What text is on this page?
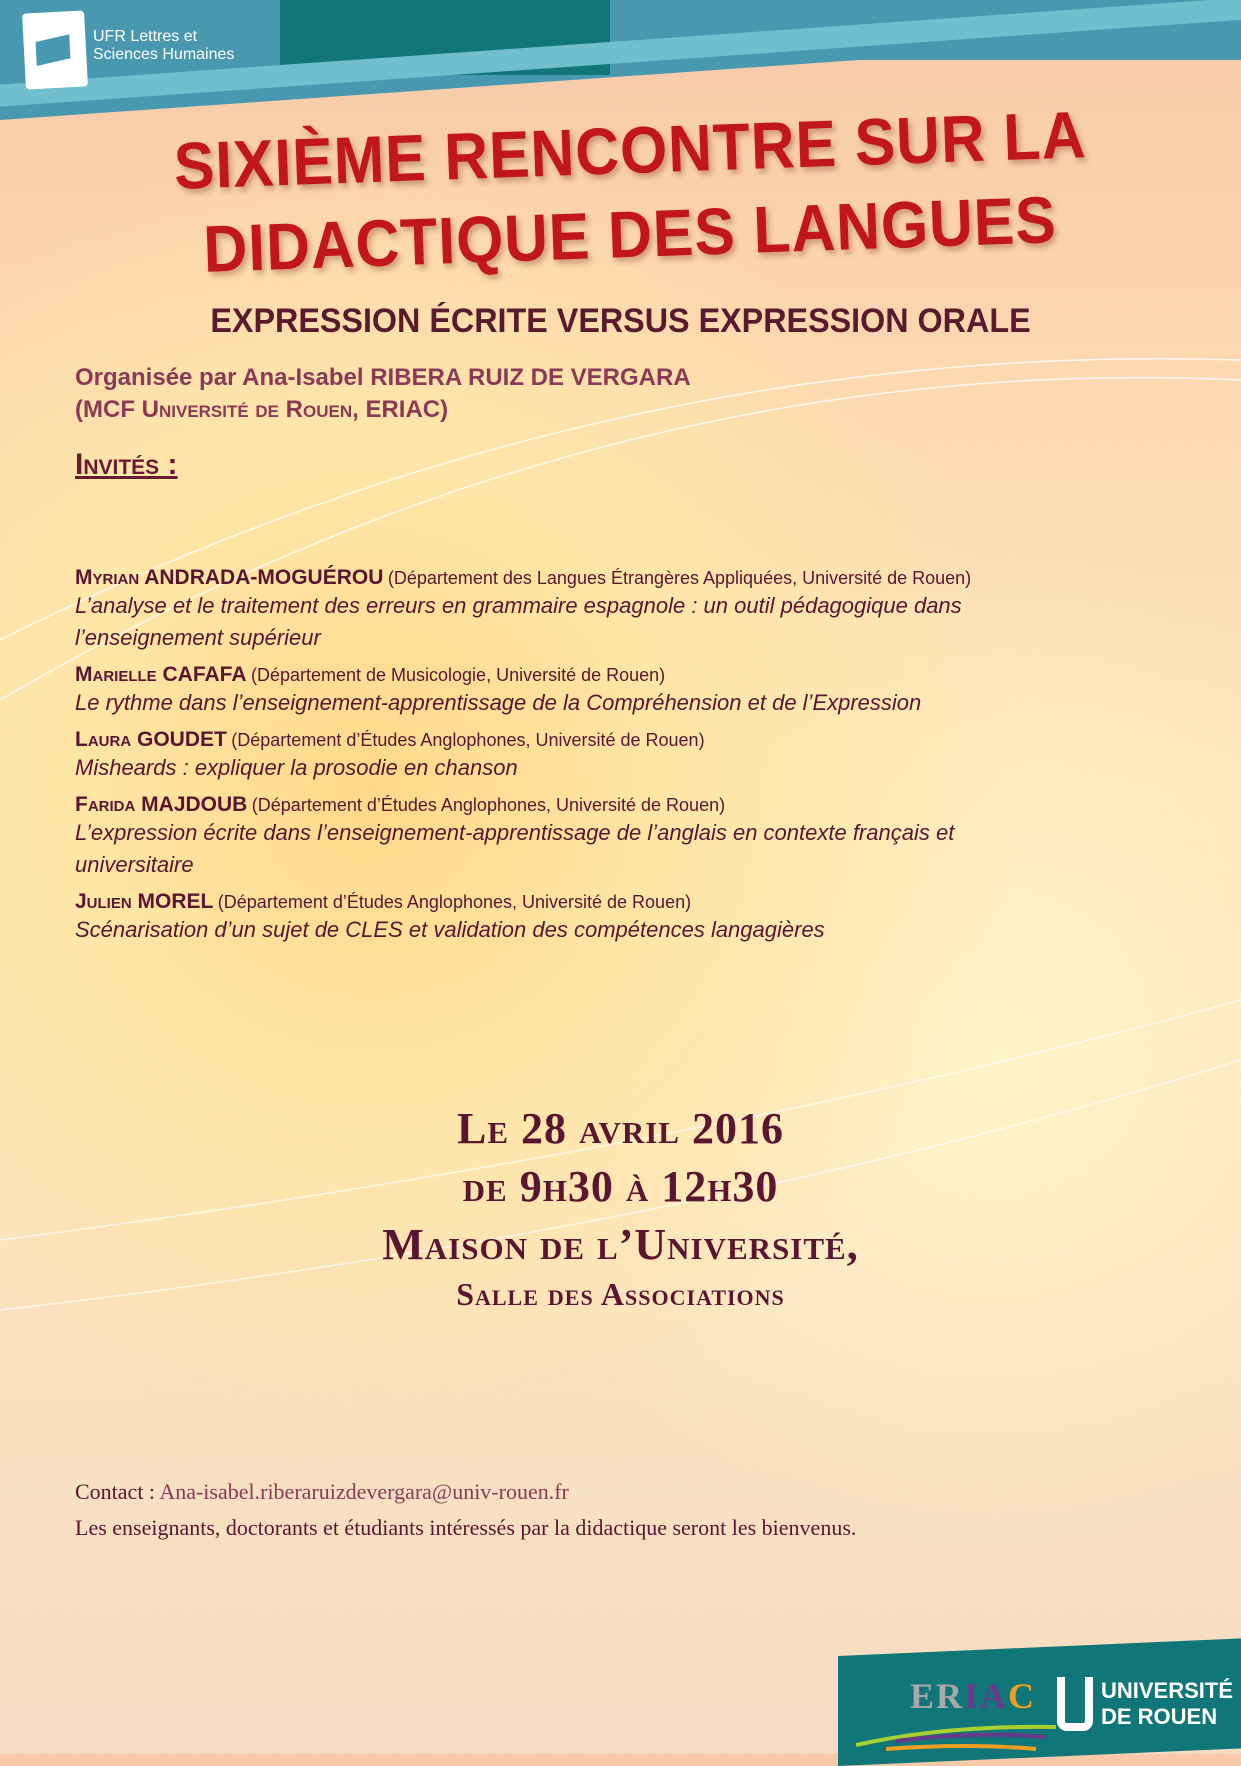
UFR Lettres et
Sciences Humaines
SIXIÈME RENCONTRE SUR LA
DIDACTIQUE DES LANGUES
EXPRESSION ÉCRITE VERSUS EXPRESSION ORALE
Organisée par Ana-Isabel RIBERA RUIZ DE VERGARA
(MCF Université de Rouen, ERIAC)
Invités :
Myrian ANDRADA-MOGUÉROU (Département des Langues Étrangères Appliquées, Université de Rouen)
L’analyse et le traitement des erreurs en grammaire espagnole : un outil pédagogique dans l’enseignement supérieur
Marielle CAFAFA (Département de Musicologie, Université de Rouen)
Le rythme dans l’enseignement-apprentissage de la Compréhension et de l’Expression
Laura GOUDET (Département d’Études Anglophones, Université de Rouen)
Misheards : expliquer la prosodie en chanson
Farida MAJDOUB (Département d’Études Anglophones, Université de Rouen)
L’expression écrite dans l’enseignement-apprentissage de l’anglais en contexte français et universitaire
Julien MOREL (Département d’Études Anglophones, Université de Rouen)
Scénarisation d’un sujet de CLES et validation des compétences langagières
Le 28 avril 2016
de 9h30 à 12h30
Maison de l’Université,
Salle des Associations
Contact : Ana-isabel.riberaruizdevergara@univ-rouen.fr
Les enseignants, doctorants et étudiants intéressés par la didactique seront les bienvenus.
ERIAC	UNIVERSITÉ
DE ROUEN
